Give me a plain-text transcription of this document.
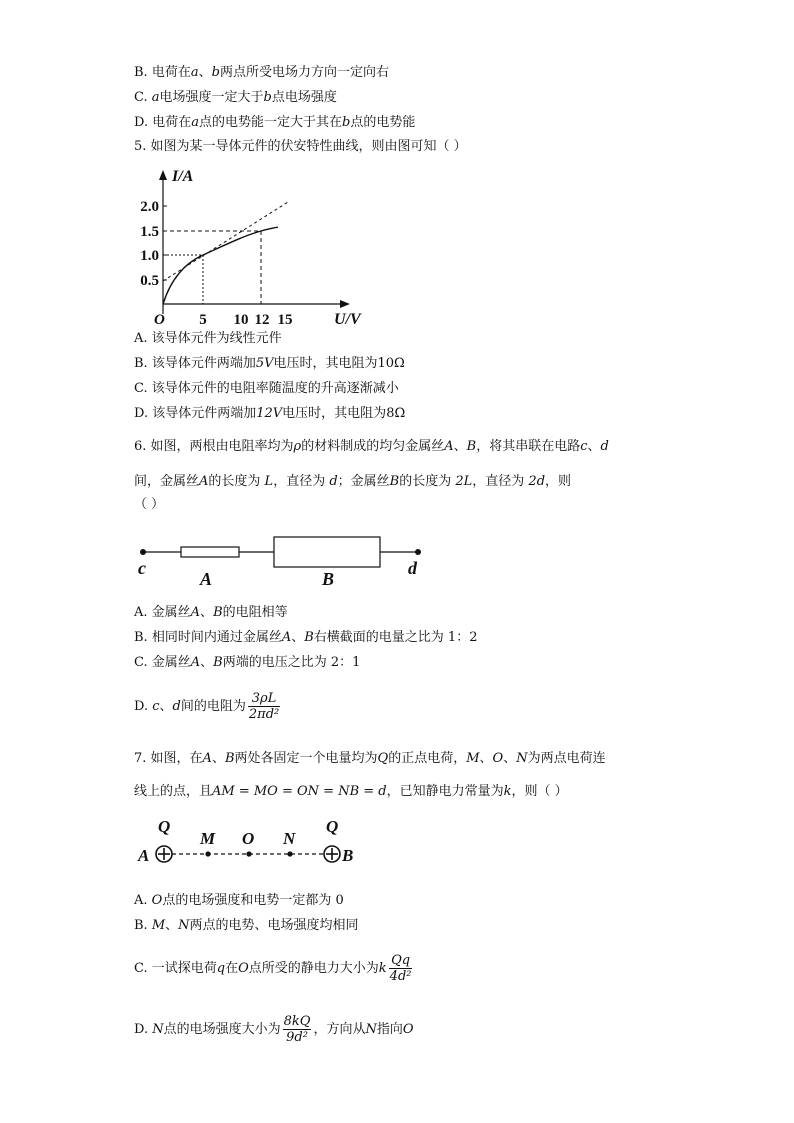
B. 电荷在a、b两点所受电场力方向一定向右
C. a电场强度一定大于b点电场强度
D. 电荷在a点的电势能一定大于其在b点的电势能
5. 如图为某一导体元件的伏安特性曲线，则由图可知（ ）
I/A
U/V
O
2.0
1.5
1.0
0.5
5 10 12 15
A. 该导体元件为线性元件
B. 该导体元件两端加5V电压时，其电阻为10Ω
C. 该导体元件的电阻率随温度的升高逐渐减小
D. 该导体元件两端加12V电压时，其电阻为8Ω
6. 如图，两根由电阻率均为ρ的材料制成的均匀金属丝A、B，将其串联在电路c、d
间，金属丝A的长度为 L，直径为 d；金属丝B的长度为 2L，直径为 2d，则
（ ）
c
A	B
d
A. 金属丝A、B的电阻相等
B. 相同时间内通过金属丝A、B右横截面的电量之比为 1：2
C. 金属丝A、B两端的电压之比为 2：1
D. c、d间的电阻为 $\frac{3\rho L}{\text{2πd²}}$
7. 如图，在A、B两处各固定一个电量均为Q的正点电荷，M、O、N为两点电荷连
线上的点，且AM = MO = ON = NB = d，已知静电力常量为k，则（ ）
Q	Q
A	B
M O N
A. O点的电场强度和电势一定都为 0
B. M、N两点的电势、电场强度均相同
C. 一试探电荷q在O点所受的静电力大小为k $\frac{Qq}{\text{4d²}}$
D. N点的电场强度大小为 $\frac{8kQ}{\text{9d²}}$ ，方向从N指向O
